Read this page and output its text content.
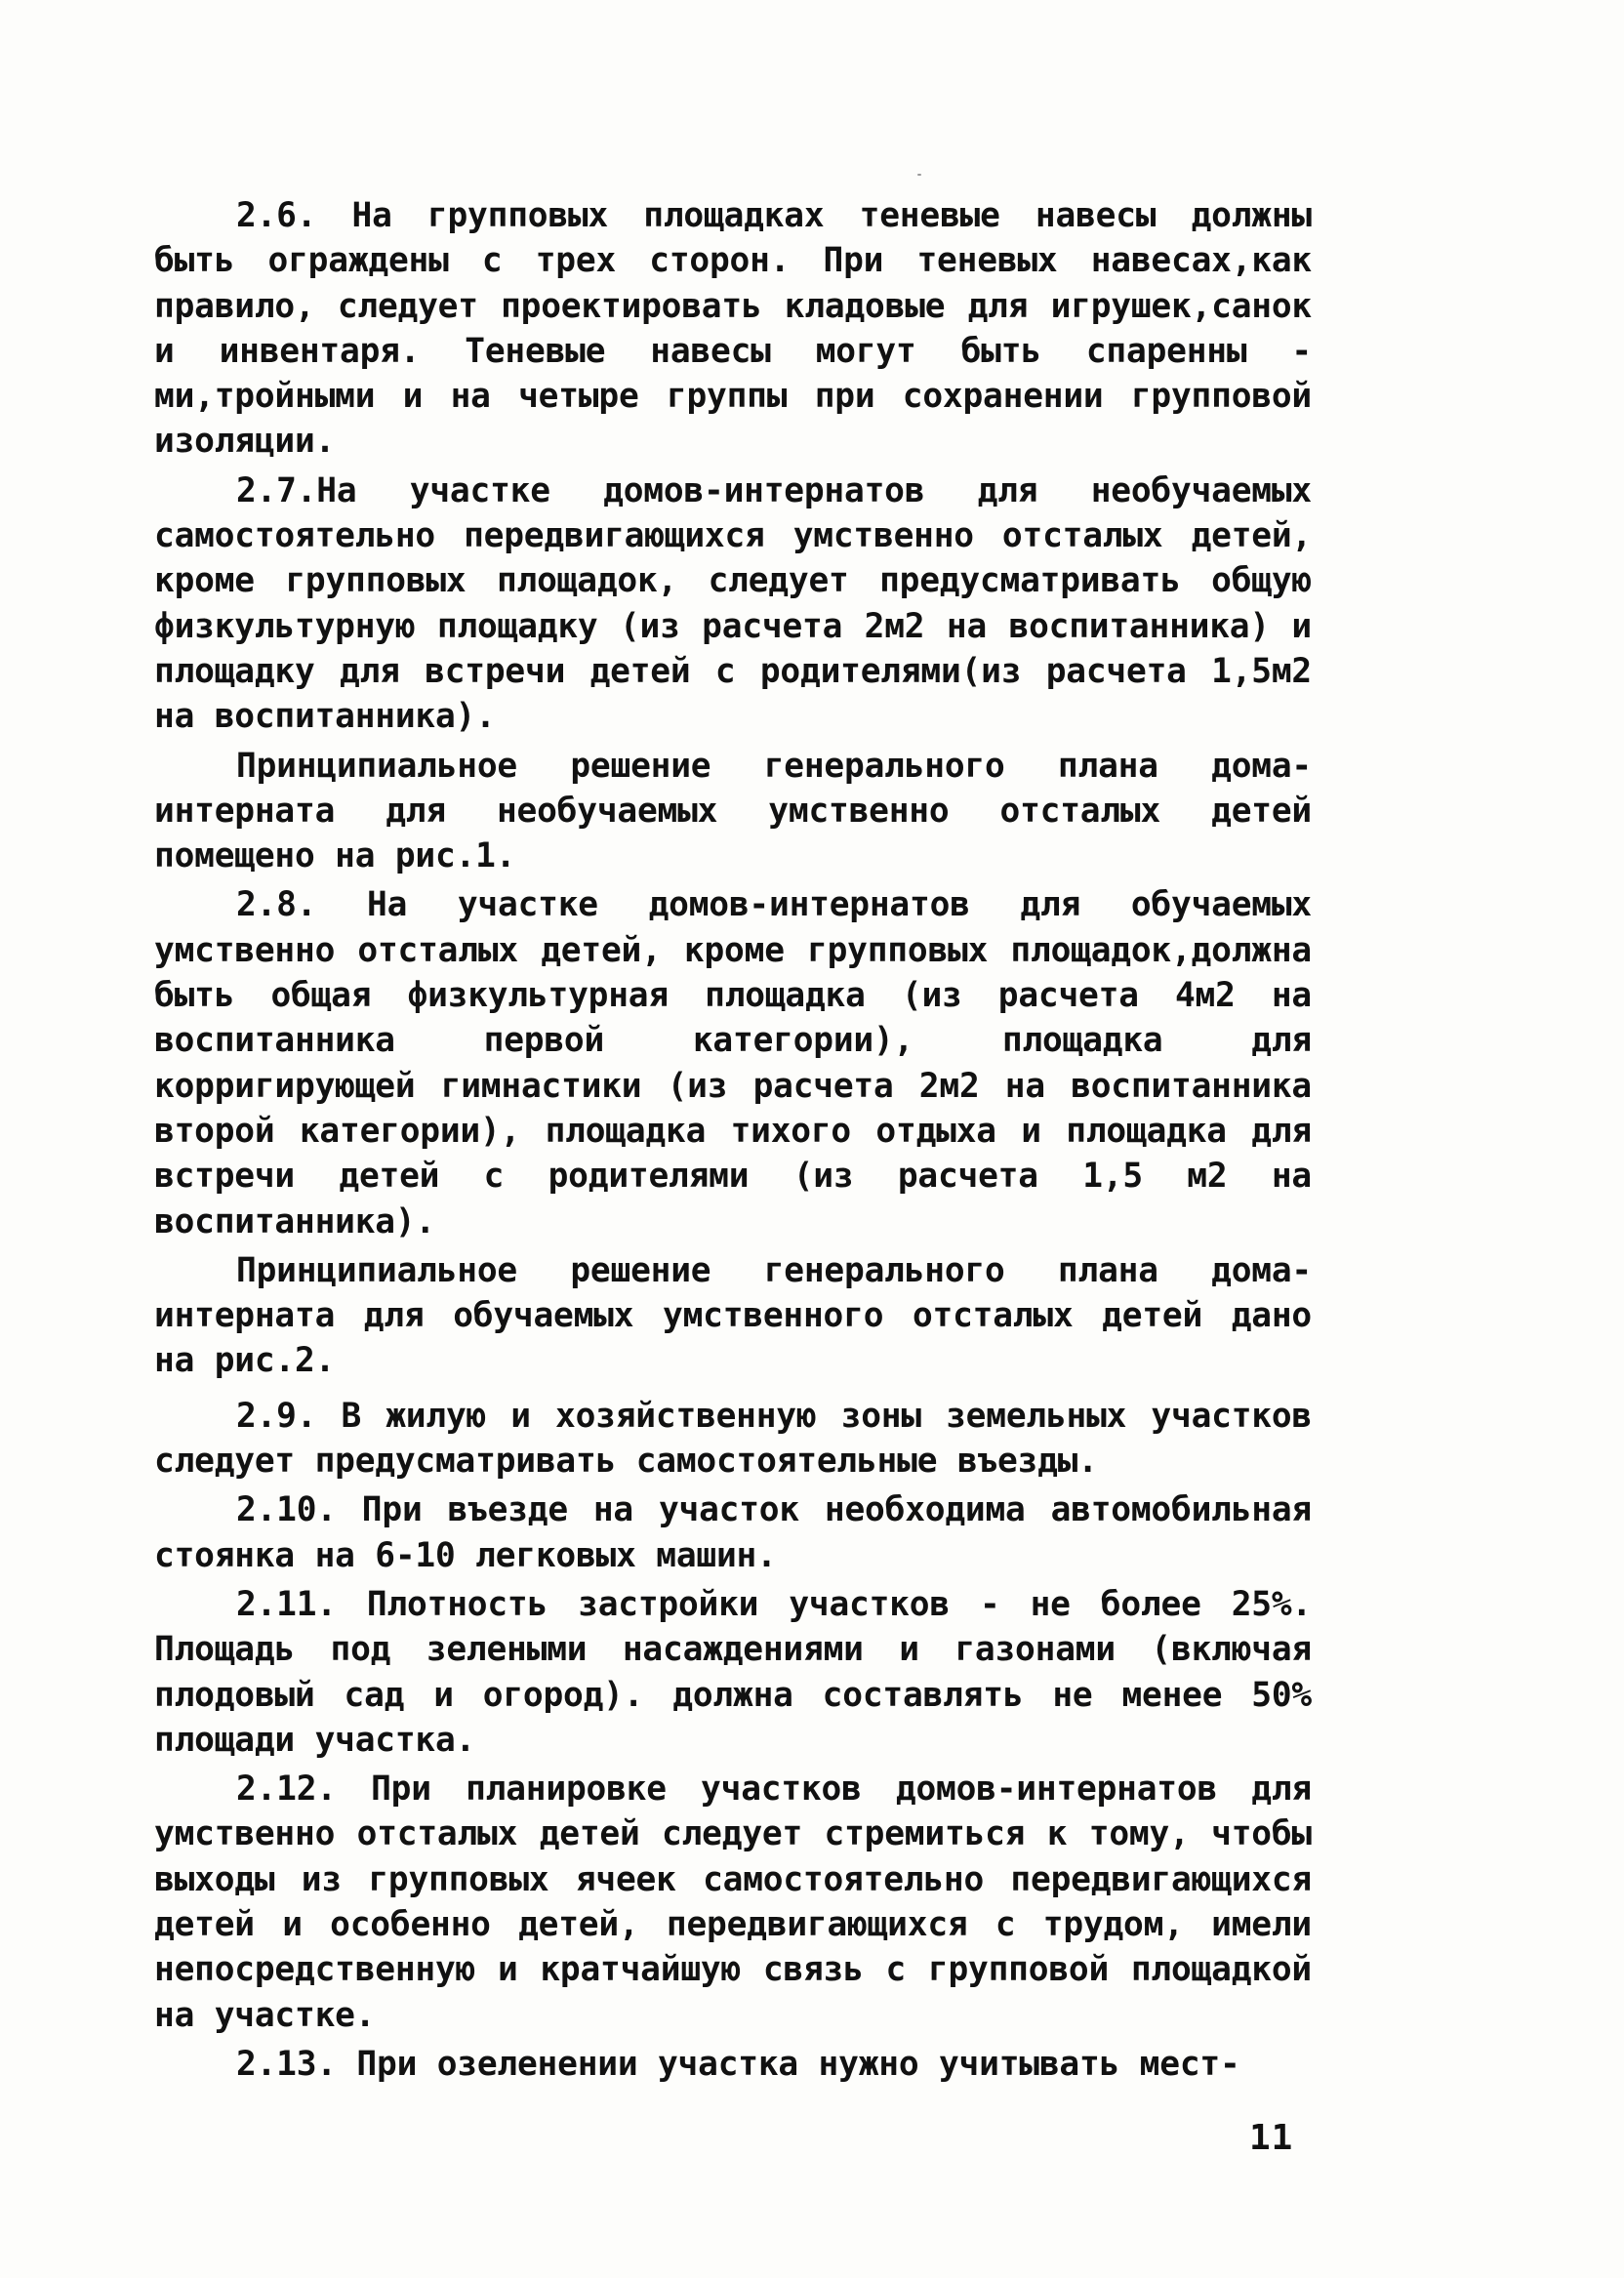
2.6. На групповых площадках теневые навесы должны быть ограждены с трех сторон. При теневых навесах,как правило, следует проектировать кладовые для игрушек,санок и инвентаря. Теневые навесы могут быть спаренны - ми,тройными и на четыре группы при сохранении групповой изоляции.

2.7.На участке домов-интернатов для необучаемых самостоятельно передвигающихся умственно отсталых детей, кроме групповых площадок, следует предусматривать общую физкультурную площадку (из расчета 2м2 на воспитанника) и площадку для встречи детей с родителями(из расчета 1,5м2 на воспитанника).

Принципиальное решение генерального плана дома-интерната для необучаемых умственно отсталых детей помещено на рис.1.

2.8. На участке домов-интернатов для обучаемых умственно отсталых детей, кроме групповых площадок,должна быть общая физкультурная площадка (из расчета 4м2 на воспитанника первой категории), площадка для корригирующей гимнастики (из расчета 2м2 на воспитанника второй категории), площадка тихого отдыха и площадка для встречи детей с родителями (из расчета 1,5 м2 на воспитанника).

Принципиальное решение генерального плана дома-интерната для обучаемых умственного отсталых детей дано на рис.2.

2.9. В жилую и хозяйственную зоны земельных участков следует предусматривать самостоятельные въезды.

2.10. При въезде на участок необходима автомобильная стоянка на 6-10 легковых машин.

2.11. Плотность застройки участков - не более 25%. Площадь под зелеными насаждениями и газонами (включая плодовый сад и огород). должна составлять не менее 50% площади участка.

2.12. При планировке участков домов-интернатов для умственно отсталых детей следует стремиться к тому, чтобы выходы из групповых ячеек самостоятельно передвигающихся детей и особенно детей, передвигающихся с трудом, имели непосредственную и кратчайшую связь с групповой площадкой на участке.

2.13. При озеленении участка нужно учитывать мест-

11
